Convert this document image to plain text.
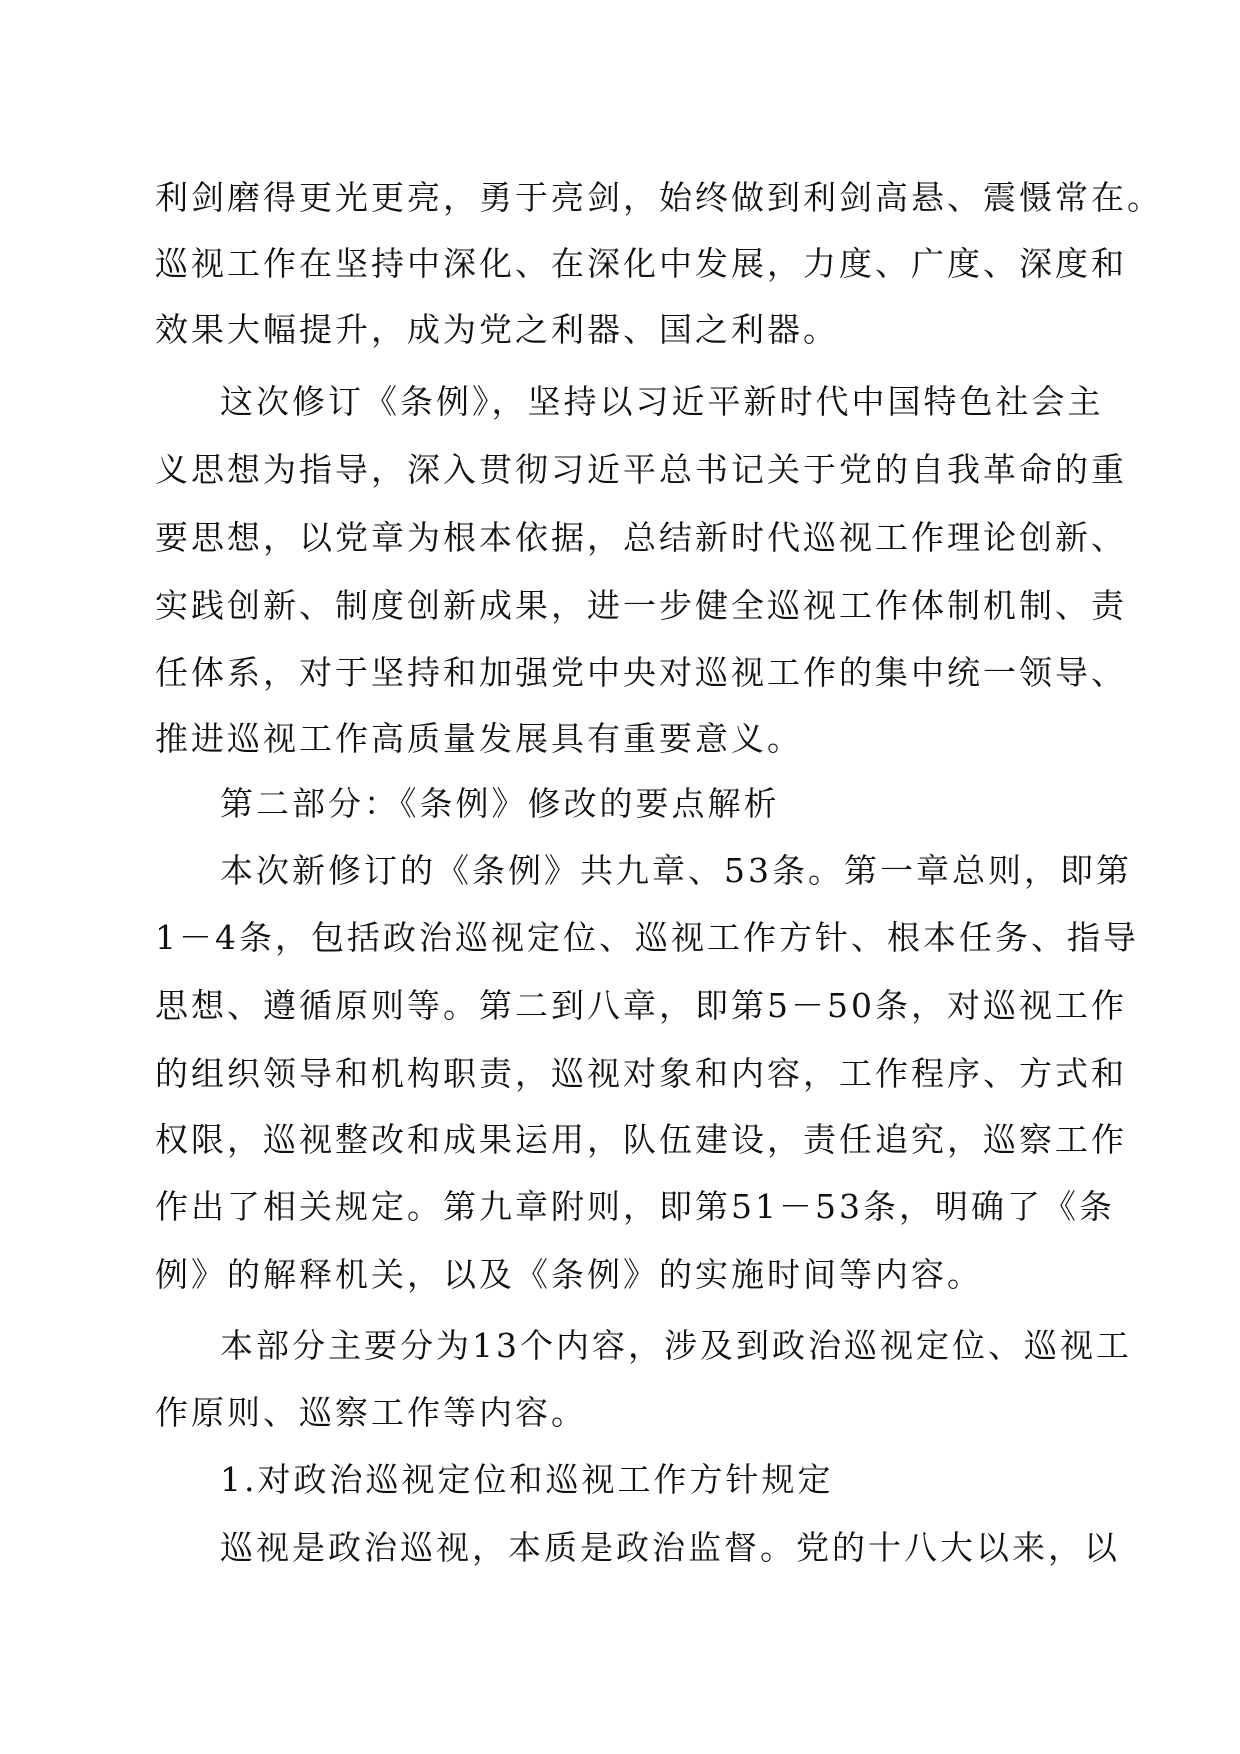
利剑磨得更光更亮，勇于亮剑，始终做到利剑高悬、震慑常在。
巡视工作在坚持中深化、在深化中发展，力度、广度、深度和
效果大幅提升，成为党之利器、国之利器。
这次修订《条例》，坚持以习近平新时代中国特色社会主
义思想为指导，深入贯彻习近平总书记关于党的自我革命的重
要思想，以党章为根本依据，总结新时代巡视工作理论创新、
实践创新、制度创新成果，进一步健全巡视工作体制机制、责
任体系，对于坚持和加强党中央对巡视工作的集中统一领导、
推进巡视工作高质量发展具有重要意义。
第二部分：《条例》修改的要点解析
本次新修订的《条例》共九章、53条。第一章总则，即第
1－4条，包括政治巡视定位、巡视工作方针、根本任务、指导
思想、遵循原则等。第二到八章，即第5－50条，对巡视工作
的组织领导和机构职责，巡视对象和内容，工作程序、方式和
权限，巡视整改和成果运用，队伍建设，责任追究，巡察工作
作出了相关规定。第九章附则，即第51－53条，明确了《条
例》的解释机关，以及《条例》的实施时间等内容。
本部分主要分为13个内容，涉及到政治巡视定位、巡视工
作原则、巡察工作等内容。
1.对政治巡视定位和巡视工作方针规定
巡视是政治巡视，本质是政治监督。党的十八大以来，以
